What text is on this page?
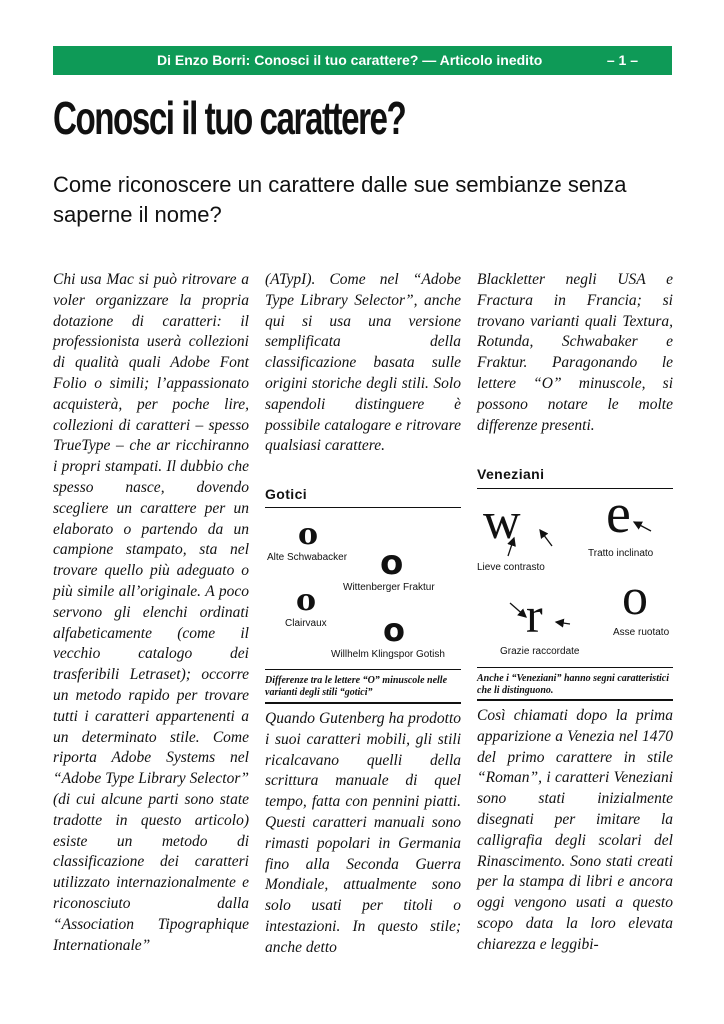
Di Enzo Borri: Conosci il tuo carattere? — Articolo inedito	– 1 –
Conosci il tuo carattere?

Come riconoscere un carattere dalle sue sembianze senza saperne il nome?

Chi usa Mac si può ritrovare a voler organizzare la propria dotazione di caratteri: il professionista userà collezioni di qualità quali Adobe Font Folio o simili; l’appassionato acquisterà, per poche lire, collezioni di caratteri – spesso TrueType – che ar ricchiranno i propri stampati. Il dubbio che spesso nasce, dovendo scegliere un carattere per un elaborato o partendo da un campione stampato, sta nel trovare quello più adeguato o più simile all’originale. A poco servono gli elenchi ordinati alfabeticamente (come il vecchio catalogo dei trasferibili Letraset); occorre un metodo rapido per trovare tutti i caratteri appartenenti a un determinato stile. Come riporta Adobe Systems nel “Adobe Type Library Selector” (di cui alcune parti sono state tradotte in questo articolo) esiste un metodo di classificazione dei caratteri utilizzato internazionalmente e riconosciuto dalla “Association Tipographique Internationale”

(ATypI). Come nel “Adobe Type Library Selector”, anche qui si usa una versione semplificata della classificazione basata sulle origini storiche degli stili. Solo sapendoli distinguere è possibile catalogare e ritrovare qualsiasi carattere.

Gotici
o
Alte Schwabacker o
Wittenberger Fraktur
o
Clairvaux o
Willhelm Klingspor Gotish

Differenze tra le lettere “O” minuscole nelle varianti degli stili “gotici”

Quando Gutenberg ha prodotto i suoi caratteri mobili, gli stili ricalcavano quelli della scrittura manuale di quel tempo, fatta con pennini piatti. Questi caratteri manuali sono rimasti popolari in Germania fino alla Seconda Guerra Mondiale, attualmente sono solo usati per titoli o intestazioni. In questo stile; anche detto

Blackletter negli USA e Fractura in Francia; si trovano varianti quali Textura, Rotunda, Schwabaker e Fraktur. Paragonando le lettere “O” minuscole, si possono notare le molte differenze presenti.

Veneziani
w
Lieve contrasto
e
Tratto inclinato
r
Grazie raccordate
o
Asse ruotato

Anche i “Veneziani” hanno segni caratteristici che li distinguono.

Così chiamati dopo la prima apparizione a Venezia nel 1470 del primo carattere in stile “Roman”, i caratteri Veneziani sono stati inizialmente disegnati per imitare la calligrafia degli scolari del Rinascimento. Sono stati creati per la stampa di libri e ancora oggi vengono usati a questo scopo data la loro elevata chiarezza e leggibi-
